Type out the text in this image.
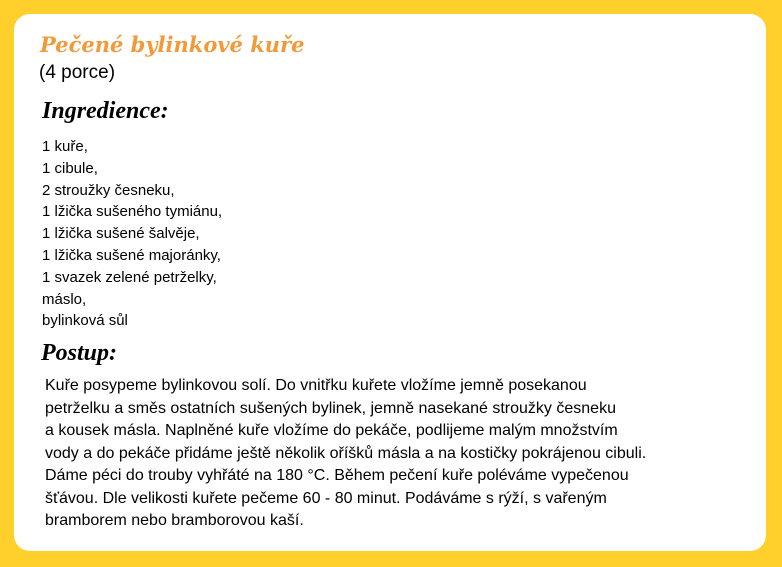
Pečené bylinkové kuře
(4 porce)
Ingredience:
1 kuře,
1 cibule,
2 stroužky česneku,
1 lžička sušeného tymiánu,
1 lžička sušené šalvěje,
1 lžička sušené majoránky,
1 svazek zelené petrželky,
máslo,
bylinková sůl
Postup:

Kuře posypeme bylinkovou solí. Do vnitřku kuřete vložíme jemně posekanou
petrželku a směs ostatních sušených bylinek, jemně nasekané stroužky česneku
a kousek másla. Naplněné kuře vložíme do pekáče, podlijeme malým množstvím
vody a do pekáče přidáme ještě několik oříšků másla a na kostičky pokrájenou cibuli.
Dáme péci do trouby vyhřáté na 180 °C. Během pečení kuře poléváme vypečenou
šťávou. Dle velikosti kuřete pečeme 60 - 80 minut. Podáváme s rýží, s vařeným
bramborem nebo bramborovou kaší.
